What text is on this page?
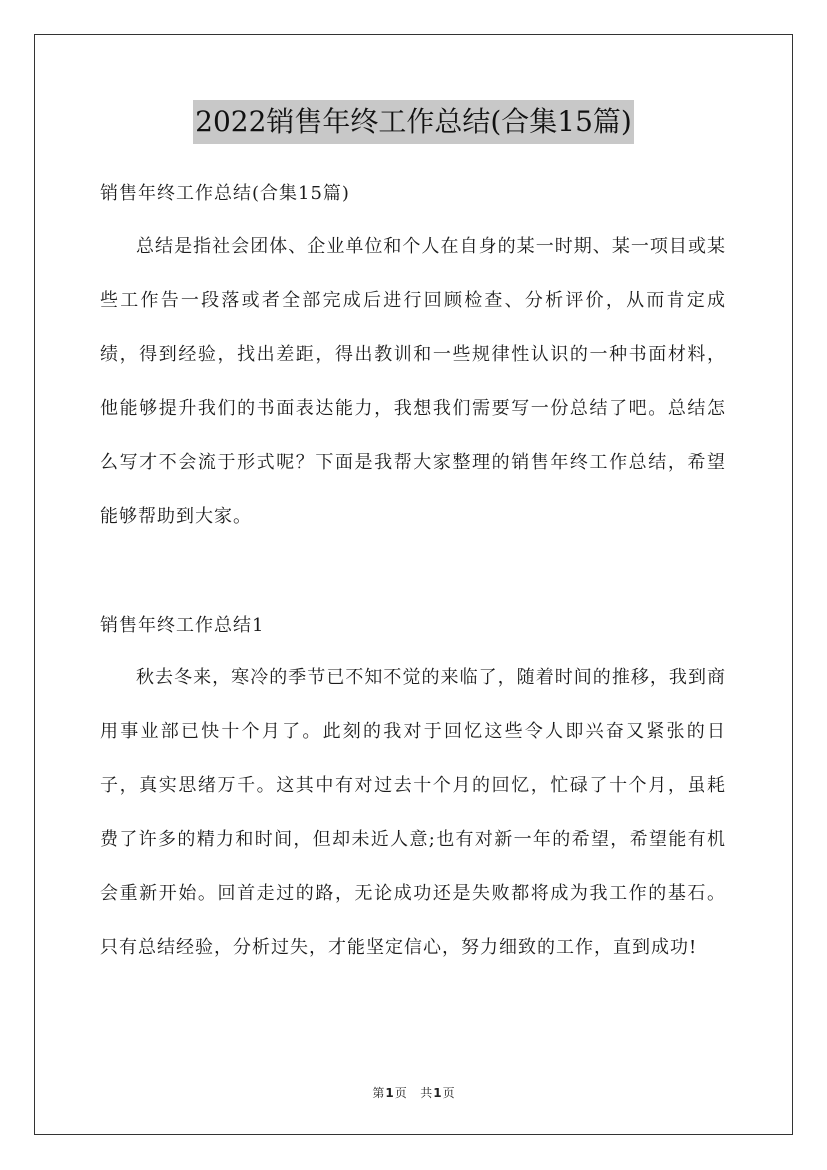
2022销售年终工作总结(合集15篇)
销售年终工作总结(合集15篇)

总结是指社会团体、企业单位和个人在自身的某一时期、某一项目或某些工作告一段落或者全部完成后进行回顾检查、分析评价，从而肯定成绩，得到经验，找出差距，得出教训和一些规律性认识的一种书面材料，他能够提升我们的书面表达能力，我想我们需要写一份总结了吧。总结怎么写才不会流于形式呢？下面是我帮大家整理的销售年终工作总结，希望能够帮助到大家。

销售年终工作总结1

秋去冬来，寒冷的季节已不知不觉的来临了，随着时间的推移，我到商用事业部已快十个月了。此刻的我对于回忆这些令人即兴奋又紧张的日子，真实思绪万千。这其中有对过去十个月的回忆，忙碌了十个月，虽耗费了许多的精力和时间，但却未近人意;也有对新一年的希望，希望能有机会重新开始。回首走过的路，无论成功还是失败都将成为我工作的基石。只有总结经验，分析过失，才能坚定信心，努力细致的工作，直到成功!

第1页 共1页
